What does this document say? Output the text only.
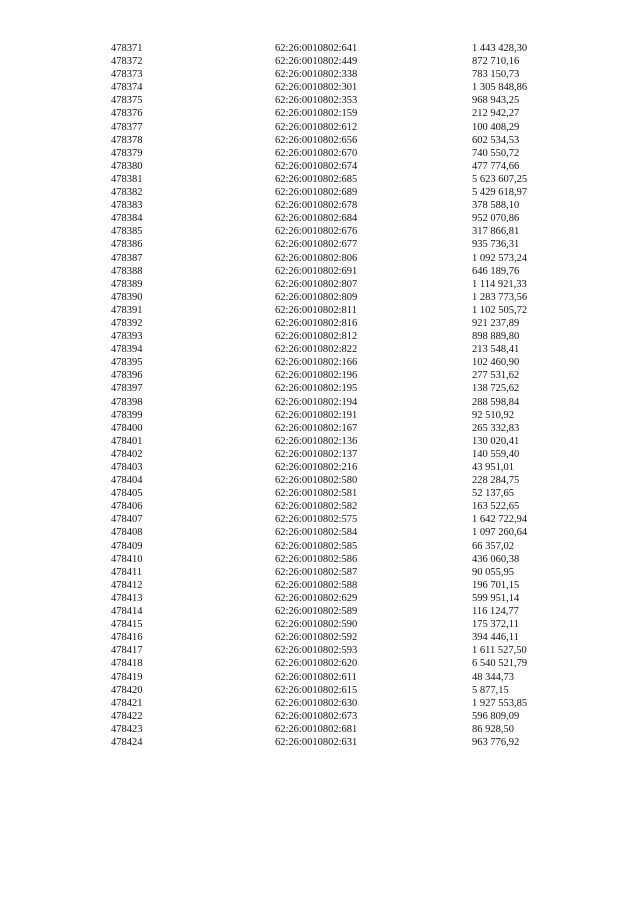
478371	62:26:0010802:641	1 443 428,30
478372	62:26:0010802:449	872 710,16
478373	62:26:0010802:338	783 150,73
478374	62:26:0010802:301	1 305 848,86
478375	62:26:0010802:353	968 943,25
478376	62:26:0010802:159	212 942,27
478377	62:26:0010802:612	100 408,29
478378	62:26:0010802:656	602 534,53
478379	62:26:0010802:670	740 550,72
478380	62:26:0010802:674	477 774,66
478381	62:26:0010802:685	5 623 607,25
478382	62:26:0010802:689	5 429 618,97
478383	62:26:0010802:678	378 588,10
478384	62:26:0010802:684	952 070,86
478385	62:26:0010802:676	317 866,81
478386	62:26:0010802:677	935 736,31
478387	62:26:0010802:806	1 092 573,24
478388	62:26:0010802:691	646 189,76
478389	62:26:0010802:807	1 114 921,33
478390	62:26:0010802:809	1 283 773,56
478391	62:26:0010802:811	1 102 505,72
478392	62:26:0010802:816	921 237,89
478393	62:26:0010802:812	898 889,80
478394	62:26:0010802:822	213 548,41
478395	62:26:0010802:166	102 460,90
478396	62:26:0010802:196	277 531,62
478397	62:26:0010802:195	138 725,62
478398	62:26:0010802:194	288 598,84
478399	62:26:0010802:191	92 510,92
478400	62:26:0010802:167	265 332,83
478401	62:26:0010802:136	130 020,41
478402	62:26:0010802:137	140 559,40
478403	62:26:0010802:216	43 951,01
478404	62:26:0010802:580	228 284,75
478405	62:26:0010802:581	52 137,65
478406	62:26:0010802:582	163 522,65
478407	62:26:0010802:575	1 642 722,94
478408	62:26:0010802:584	1 097 260,64
478409	62:26:0010802:585	66 357,02
478410	62:26:0010802:586	436 060,38
478411	62:26:0010802:587	90 055,95
478412	62:26:0010802:588	196 701,15
478413	62:26:0010802:629	599 951,14
478414	62:26:0010802:589	116 124,77
478415	62:26:0010802:590	175 372,11
478416	62:26:0010802:592	394 446,11
478417	62:26:0010802:593	1 611 527,50
478418	62:26:0010802:620	6 540 521,79
478419	62:26:0010802:611	48 344,73
478420	62:26:0010802:615	5 877,15
478421	62:26:0010802:630	1 927 553,85
478422	62:26:0010802:673	596 809,09
478423	62:26:0010802:681	86 928,50
478424	62:26:0010802:631	963 776,92
